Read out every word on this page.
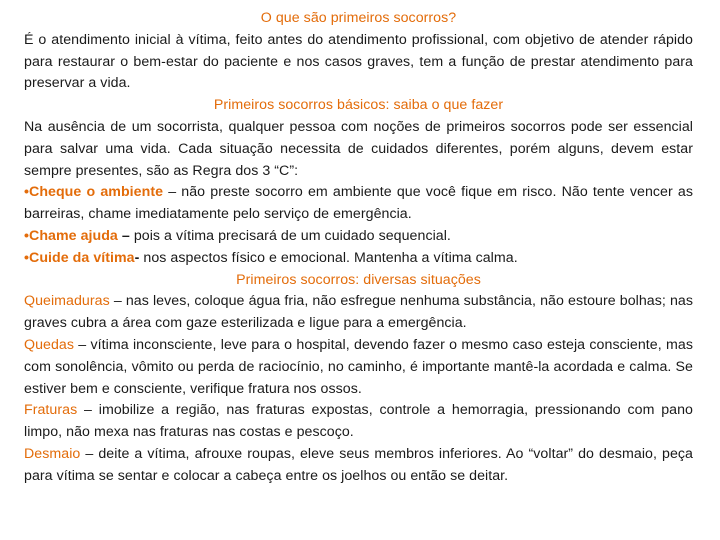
O que são primeiros socorros?

É o atendimento inicial à vítima, feito antes do atendimento profissional, com objetivo de atender rápido para restaurar o bem-estar do paciente e nos casos graves, tem a função de prestar atendimento para preservar a vida.

Primeiros socorros básicos: saiba o que fazer

Na ausência de um socorrista, qualquer pessoa com noções de primeiros socorros pode ser essencial para salvar uma vida. Cada situação necessita de cuidados diferentes, porém alguns, devem estar sempre presentes, são as Regra dos 3 “C”:

•Cheque o ambiente – não preste socorro em ambiente que você fique em risco. Não tente vencer as barreiras, chame imediatamente pelo serviço de emergência.

•Chame ajuda – pois a vítima precisará de um cuidado sequencial.

•Cuide da vítima- nos aspectos físico e emocional. Mantenha a vítima calma.

Primeiros socorros: diversas situações

Queimaduras – nas leves, coloque água fria, não esfregue nenhuma substância, não estoure bolhas; nas graves cubra a área com gaze esterilizada e ligue para a emergência.

Quedas – vítima inconsciente, leve para o hospital, devendo fazer o mesmo caso esteja consciente, mas com sonolência, vômito ou perda de raciocínio, no caminho, é importante mantê-la acordada e calma. Se estiver bem e consciente, verifique fratura nos ossos.

Fraturas – imobilize a região, nas fraturas expostas, controle a hemorragia, pressionando com pano limpo, não mexa nas fraturas nas costas e pescoço.

Desmaio – deite a vítima, afrouxe roupas, eleve seus membros inferiores. Ao “voltar” do desmaio, peça para vítima se sentar e colocar a cabeça entre os joelhos ou então se deitar.
